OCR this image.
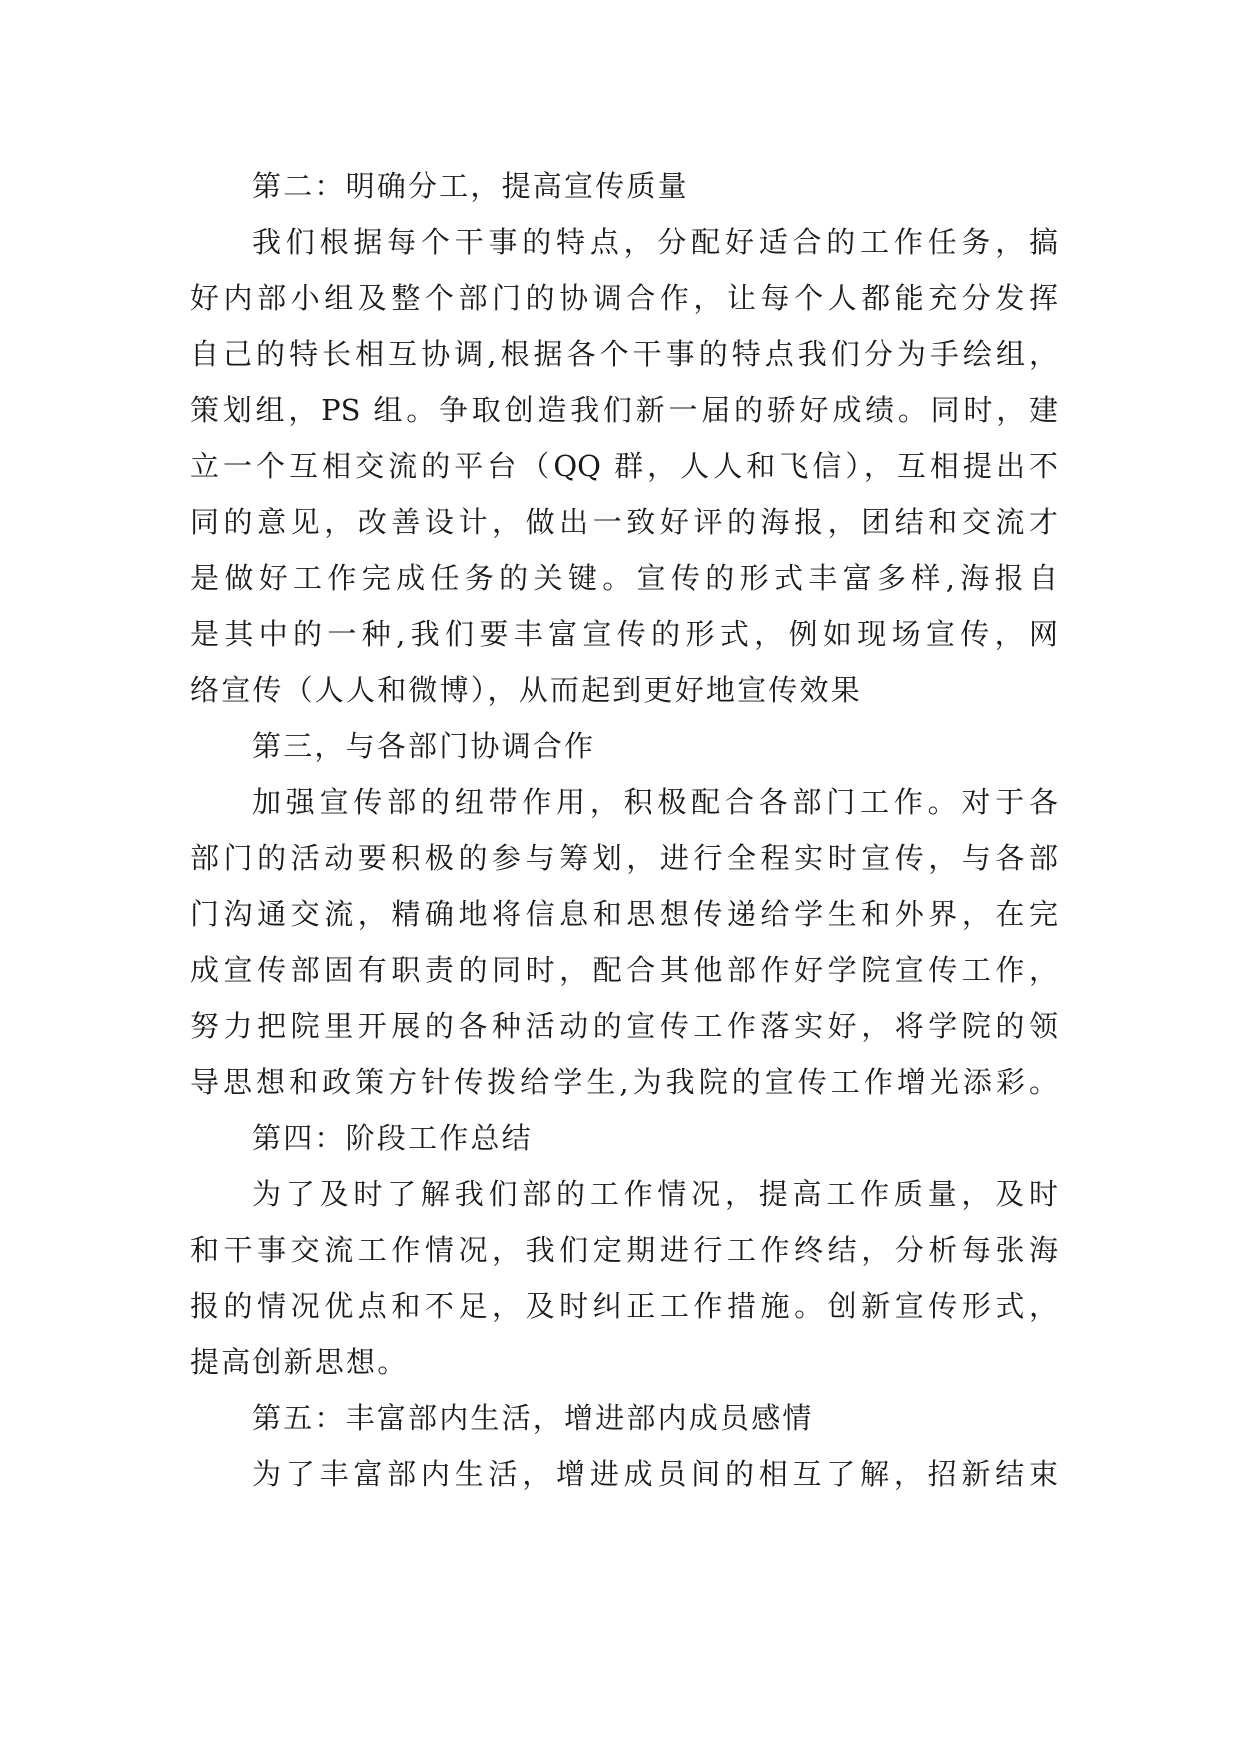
第二：明确分工，提高宣传质量
我们根据每个干事的特点，分配好适合的工作任务，搞
好内部小组及整个部门的协调合作，让每个人都能充分发挥
自己的特长相互协调,根据各个干事的特点我们分为手绘组，
策划组，PS 组。争取创造我们新一届的骄好成绩。同时，建
立一个互相交流的平台（QQ 群，人人和飞信），互相提出不
同的意见，改善设计，做出一致好评的海报，团结和交流才
是做好工作完成任务的关键。宣传的形式丰富多样,海报自
是其中的一种,我们要丰富宣传的形式，例如现场宣传，网
络宣传（人人和微博），从而起到更好地宣传效果
第三，与各部门协调合作
加强宣传部的纽带作用，积极配合各部门工作。对于各
部门的活动要积极的参与筹划，进行全程实时宣传，与各部
门沟通交流，精确地将信息和思想传递给学生和外界，在完
成宣传部固有职责的同时，配合其他部作好学院宣传工作，
努力把院里开展的各种活动的宣传工作落实好，将学院的领
导思想和政策方针传拨给学生,为我院的宣传工作增光添彩。
第四：阶段工作总结
为了及时了解我们部的工作情况，提高工作质量，及时
和干事交流工作情况，我们定期进行工作终结，分析每张海
报的情况优点和不足，及时纠正工作措施。创新宣传形式，
提高创新思想。
第五：丰富部内生活，增进部内成员感情
为了丰富部内生活，增进成员间的相互了解，招新结束
